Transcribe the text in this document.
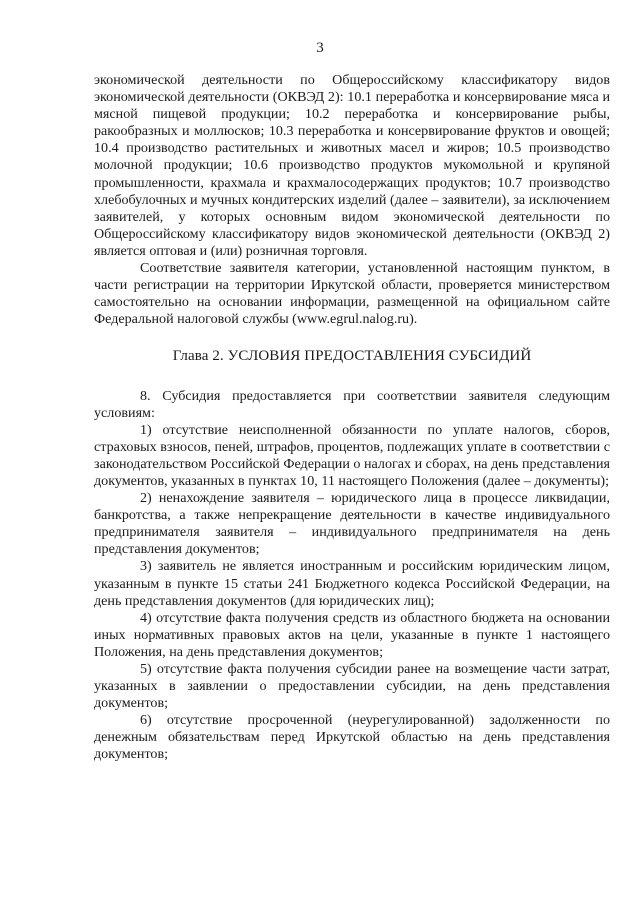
3

экономической деятельности по Общероссийскому классификатору видов экономической деятельности (ОКВЭД 2): 10.1 переработка и консервирование мяса и мясной пищевой продукции; 10.2 переработка и консервирование рыбы, ракообразных и моллюсков; 10.3 переработка и консервирование фруктов и овощей; 10.4 производство растительных и животных масел и жиров; 10.5 производство молочной продукции; 10.6 производство продуктов мукомольной и крупяной промышленности, крахмала и крахмалосодержащих продуктов; 10.7 производство хлебобулочных и мучных кондитерских изделий (далее – заявители), за исключением заявителей, у которых основным видом экономической деятельности по Общероссийскому классификатору видов экономической деятельности (ОКВЭД 2) является оптовая и (или) розничная торговля.

Соответствие заявителя категории, установленной настоящим пунктом, в части регистрации на территории Иркутской области, проверяется министерством самостоятельно на основании информации, размещенной на официальном сайте Федеральной налоговой службы (www.egrul.nalog.ru).

Глава 2. УСЛОВИЯ ПРЕДОСТАВЛЕНИЯ СУБСИДИЙ

8. Субсидия предоставляется при соответствии заявителя следующим условиям:

1) отсутствие неисполненной обязанности по уплате налогов, сборов, страховых взносов, пеней, штрафов, процентов, подлежащих уплате в соответствии с законодательством Российской Федерации о налогах и сборах, на день представления документов, указанных в пунктах 10, 11 настоящего Положения (далее – документы);

2) ненахождение заявителя – юридического лица в процессе ликвидации, банкротства, а также непрекращение деятельности в качестве индивидуального предпринимателя заявителя – индивидуального предпринимателя на день представления документов;

3) заявитель не является иностранным и российским юридическим лицом, указанным в пункте 15 статьи 241 Бюджетного кодекса Российской Федерации, на день представления документов (для юридических лиц);

4) отсутствие факта получения средств из областного бюджета на основании иных нормативных правовых актов на цели, указанные в пункте 1 настоящего Положения, на день представления документов;

5) отсутствие факта получения субсидии ранее на возмещение части затрат, указанных в заявлении о предоставлении субсидии, на день представления документов;

6) отсутствие просроченной (неурегулированной) задолженности по денежным обязательствам перед Иркутской областью на день представления документов;
